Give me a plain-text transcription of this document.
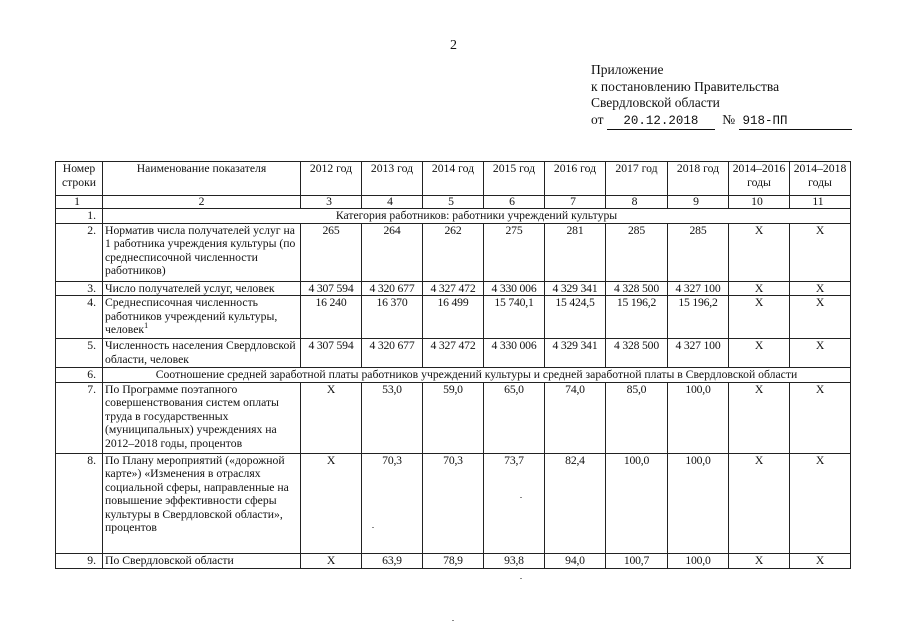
2
Приложение
к постановлению Правительства
Свердловской области
от 20.12.2018 № 918-ПП
Номер строки	Наименование показателя	2012 год	2013 год	2014 год	2015 год	2016 год	2017 год	2018 год	2014–2016 годы	2014–2018 годы
1	2	3	4	5	6	7	8	9	10	11
1.	Категория работников: работники учреждений культуры									
2.	Норматив числа получателей услуг на 1 работника учреждения культуры (по среднесписочной численности работников)	265	264	262	275	281	285	285	Х	Х
3.	Число получателей услуг, человек	4 307 594	4 320 677	4 327 472	4 330 006	4 329 341	4 328 500	4 327 100	Х	Х
4.	Среднесписочная численность работников учреждений культуры, человек$^1$	16 240	16 370	16 499	15 740,1	15 424,5	15 196,2	15 196,2	Х	Х
5.	Численность населения Свердловской области, человек	4 307 594	4 320 677	4 327 472	4 330 006	4 329 341	4 328 500	4 327 100	Х	Х
6.	Соотношение средней заработной платы работников учреждений культуры и средней заработной платы в Свердловской области									
7.	По Программе поэтапного совершенствования систем оплаты труда в государственных (муниципальных) учреждениях на 2012–2018 годы, процентов	Х	53,0	59,0	65,0	74,0	85,0	100,0	Х	Х
8.	По Плану мероприятий («дорожной карте») «Изменения в отраслях социальной сферы, направленные на повышение эффективности сферы культуры в Свердловской области», процентов	Х	70,3	70,3	73,7	82,4	100,0	100,0	Х	Х
9.	По Свердловской области	Х	63,9	78,9	93,8	94,0	100,7	100,0	Х	Х
